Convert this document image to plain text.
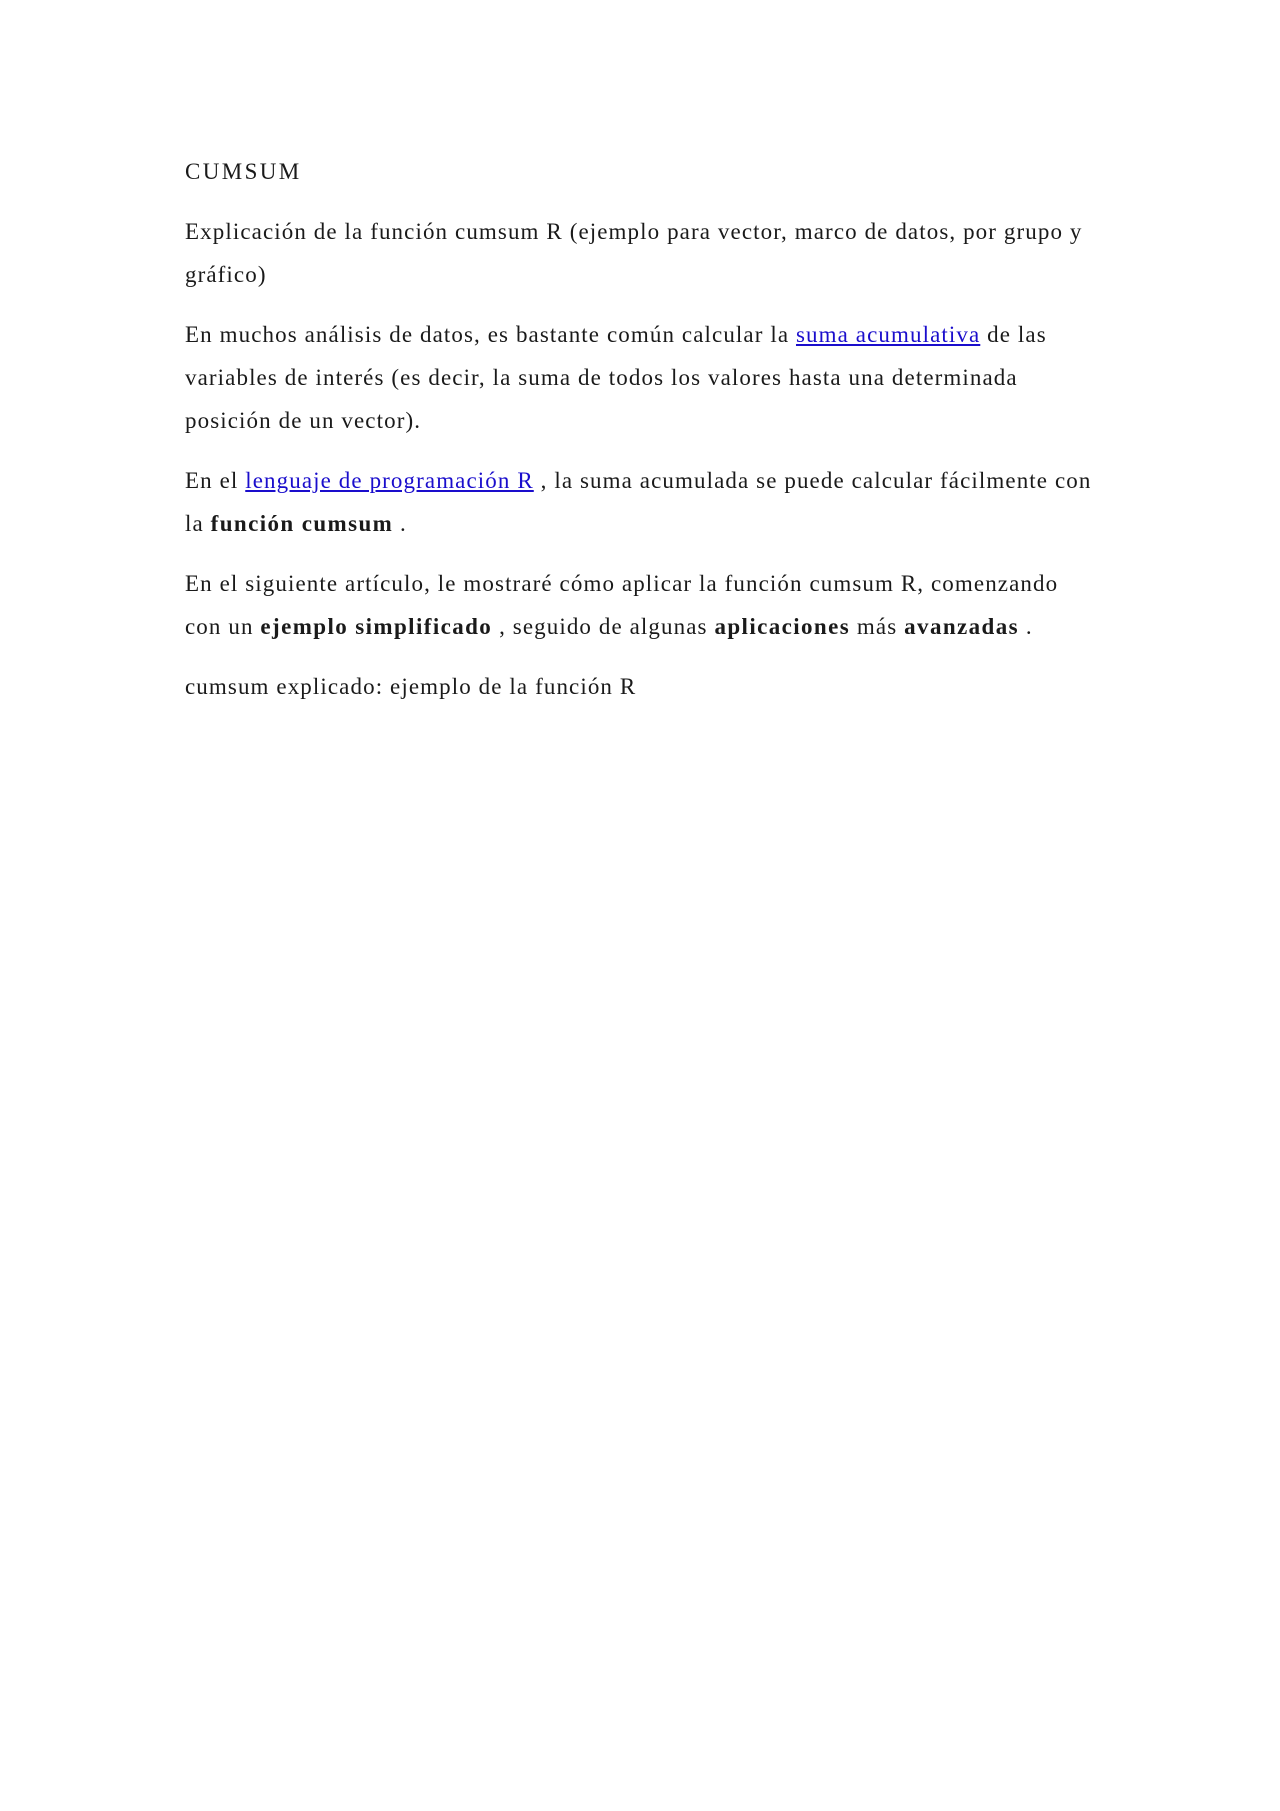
CUMSUM

Explicación de la función cumsum R (ejemplo para vector, marco de datos, por grupo y gráfico)

En muchos análisis de datos, es bastante común calcular la suma acumulativa de las variables de interés (es decir, la suma de todos los valores hasta una determinada posición de un vector).

En el lenguaje de programación R , la suma acumulada se puede calcular fácilmente con la función cumsum .

En el siguiente artículo, le mostraré cómo aplicar la función cumsum R, comenzando con un ejemplo simplificado , seguido de algunas aplicaciones más avanzadas .

cumsum explicado: ejemplo de la función R
